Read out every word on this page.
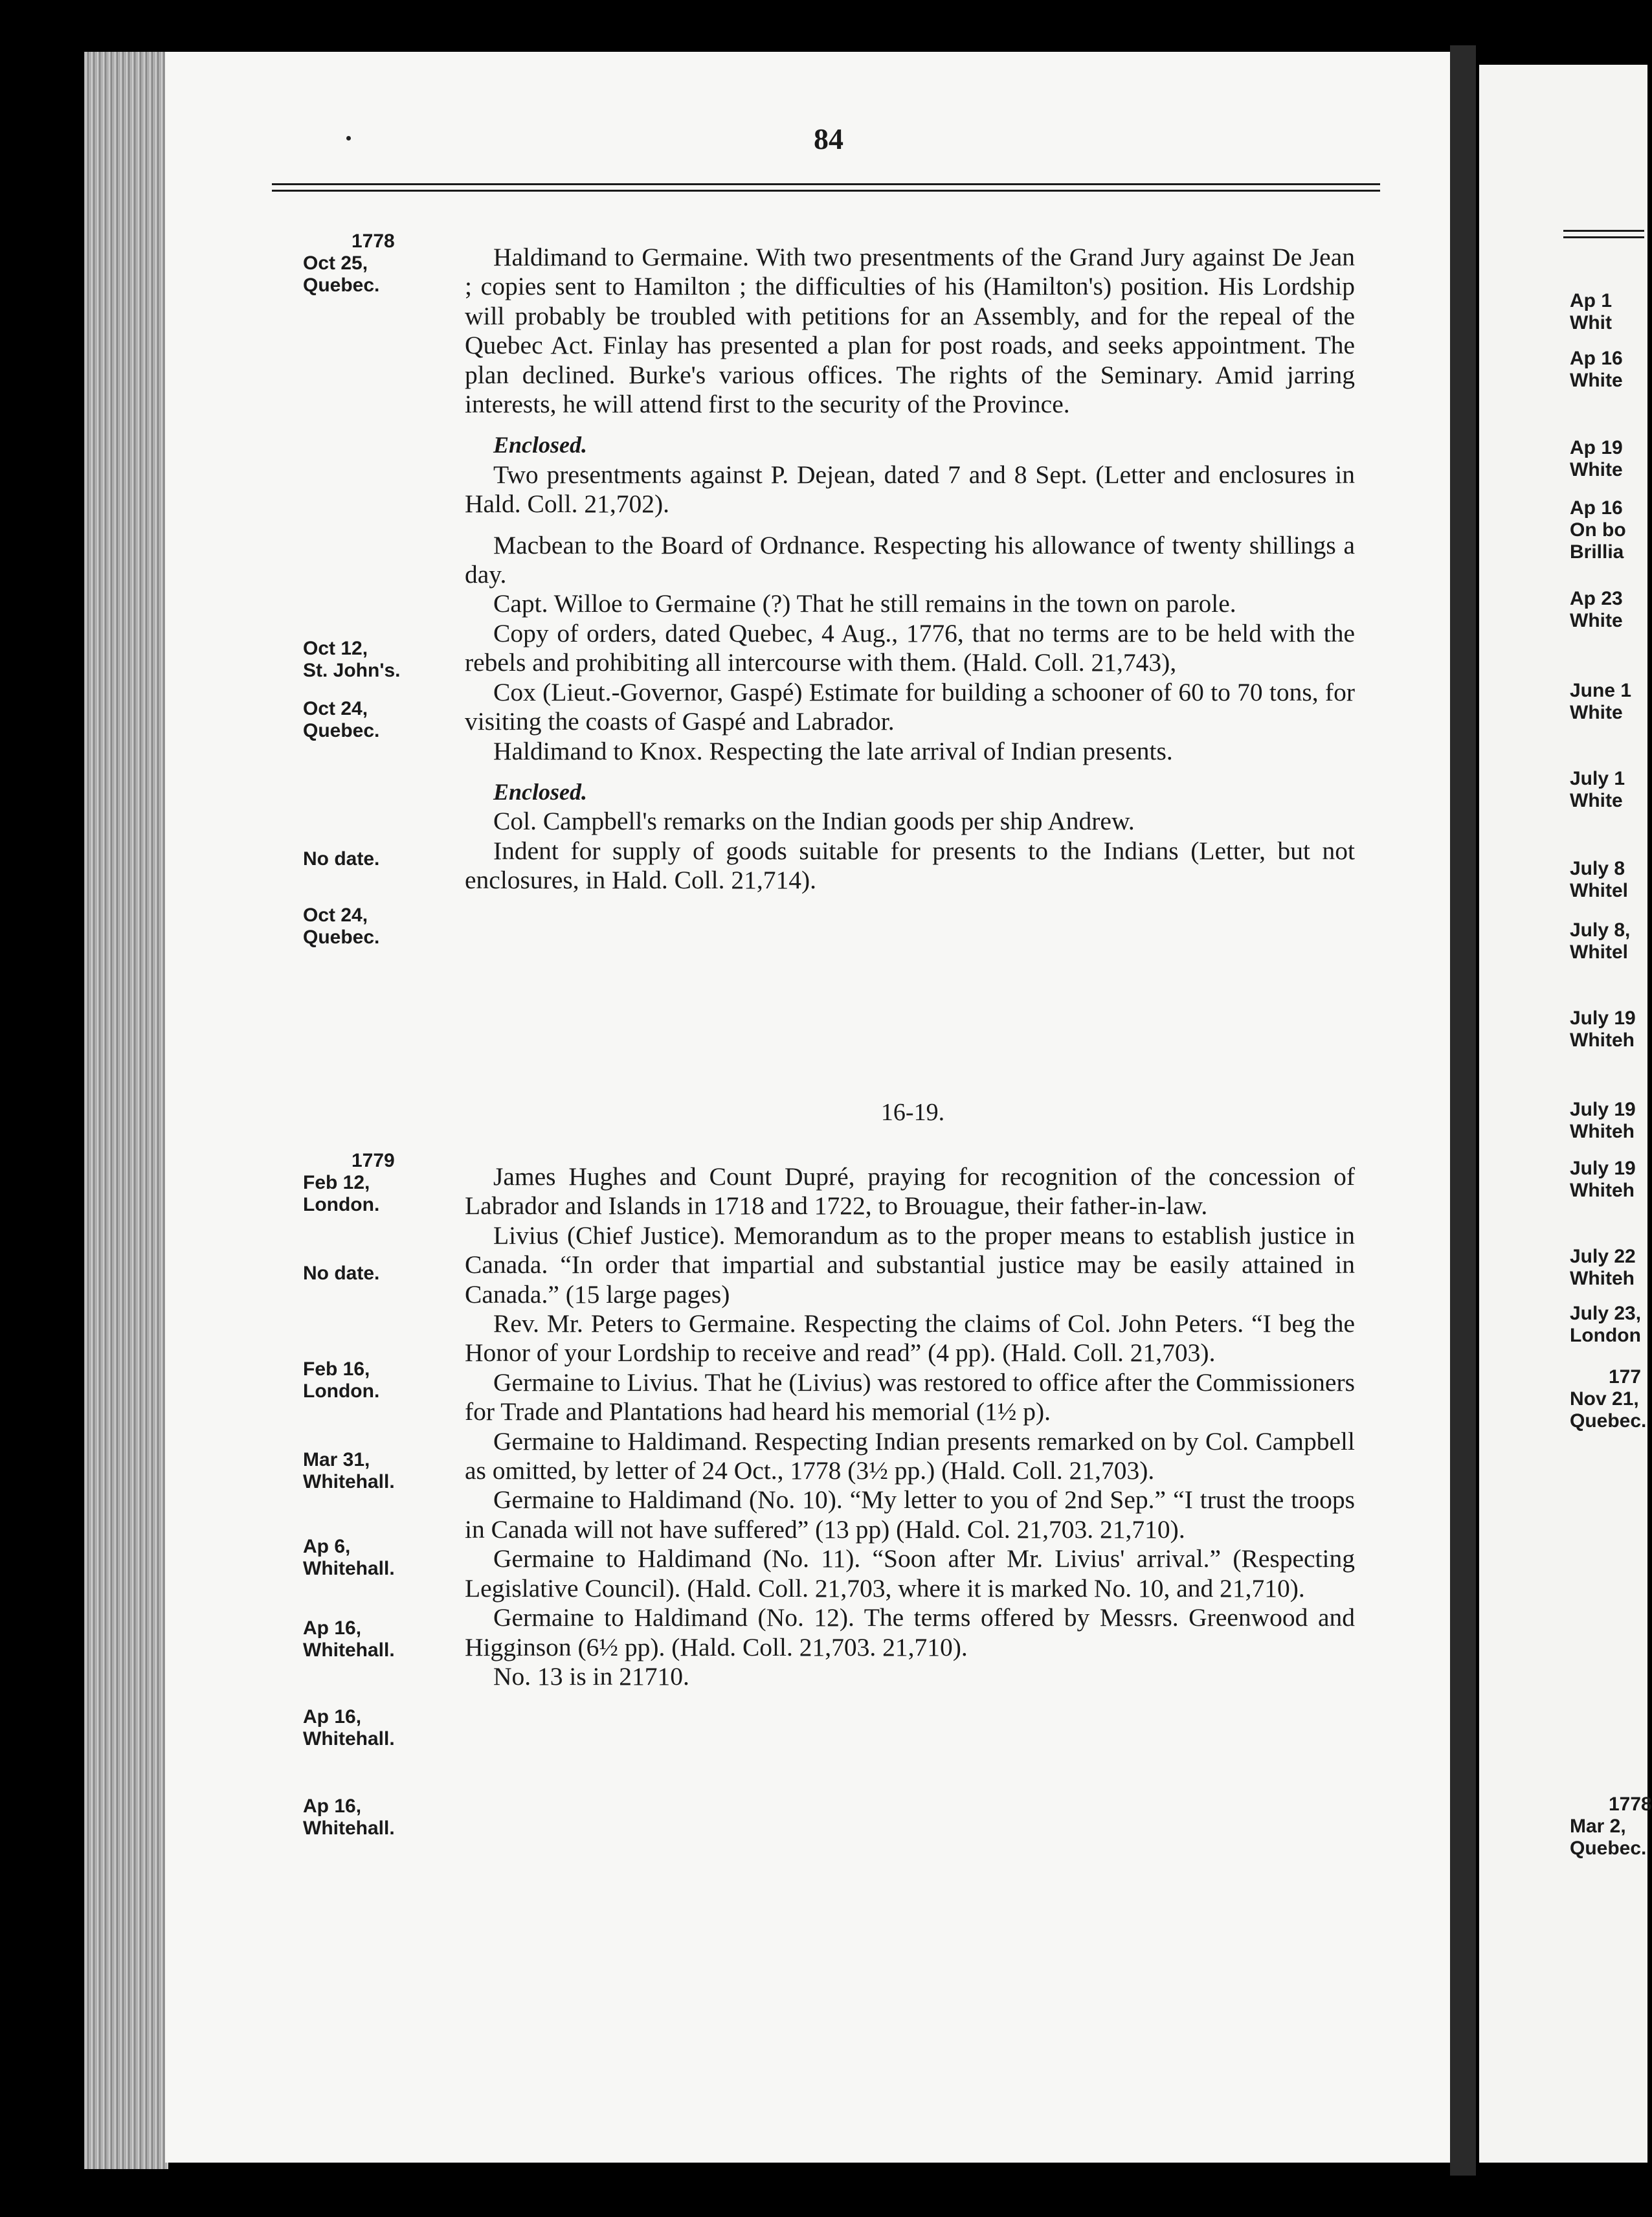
84
1778
Oct 25,
Quebec.
Oct 12,
St. John's.
Oct 24,
Quebec.
No date.
Oct 24,
Quebec.

Haldimand to Germaine. With two presentments of the Grand Jury against De Jean ; copies sent to Hamilton ; the difficulties of his (Hamilton's) position. His Lordship will probably be troubled with petitions for an Assembly, and for the repeal of the Quebec Act. Finlay has presented a plan for post roads, and seeks appointment. The plan declined. Burke's various offices. The rights of the Seminary. Amid jarring interests, he will attend first to the security of the Province.

Enclosed.

Two presentments against P. Dejean, dated 7 and 8 Sept. (Letter and enclosures in Hald. Coll. 21,702).

Macbean to the Board of Ordnance. Respecting his allowance of twenty shillings a day.

Capt. Willoe to Germaine (?) That he still remains in the town on parole.

Copy of orders, dated Quebec, 4 Aug., 1776, that no terms are to be held with the rebels and prohibiting all intercourse with them. (Hald. Coll. 21,743),

Cox (Lieut.-Governor, Gaspé) Estimate for building a schooner of 60 to 70 tons, for visiting the coasts of Gaspé and Labrador.

Haldimand to Knox. Respecting the late arrival of Indian presents.

Enclosed.

Col. Campbell's remarks on the Indian goods per ship Andrew.

Indent for supply of goods suitable for presents to the Indians (Letter, but not enclosures, in Hald. Coll. 21,714).

16-19.
1779
Feb 12,
London.
No date.
Feb 16,
London.
Mar 31,
Whitehall.
Ap 6,
Whitehall.
Ap 16,
Whitehall.
Ap 16,
Whitehall.
Ap 16,
Whitehall.

James Hughes and Count Dupré, praying for recognition of the concession of Labrador and Islands in 1718 and 1722, to Brouague, their father-in-law.

Livius (Chief Justice). Memorandum as to the proper means to establish justice in Canada. “In order that impartial and substantial justice may be easily attained in Canada.” (15 large pages)

Rev. Mr. Peters to Germaine. Respecting the claims of Col. John Peters. “I beg the Honor of your Lordship to receive and read” (4 pp). (Hald. Coll. 21,703).

Germaine to Livius. That he (Livius) was restored to office after the Commissioners for Trade and Plantations had heard his memorial (1½ p).

Germaine to Haldimand. Respecting Indian presents remarked on by Col. Campbell as omitted, by letter of 24 Oct., 1778 (3½ pp.) (Hald. Coll. 21,703).

Germaine to Haldimand (No. 10). “My letter to you of 2nd Sep.” “I trust the troops in Canada will not have suffered” (13 pp) (Hald. Col. 21,703. 21,710).

Germaine to Haldimand (No. 11). “Soon after Mr. Livius' arrival.” (Respecting Legislative Council). (Hald. Coll. 21,703, where it is marked No. 10, and 21,710).

Germaine to Haldimand (No. 12). The terms offered by Messrs. Greenwood and Higginson (6½ pp). (Hald. Coll. 21,703. 21,710).

No. 13 is in 21710.

Ap 1
Whit
Ap 16
White
Ap 19
White
Ap 16
On bo
Brillia
Ap 23
White
June 1
White
July 1
White
July 8
Whitel
July 8,
Whitel
July 19
Whiteh
July 19
Whiteh
July 19
Whiteh
July 22
Whiteh
July 23,
London
177
Nov 21,
Quebec.
1778
Mar 2,
Quebec.
